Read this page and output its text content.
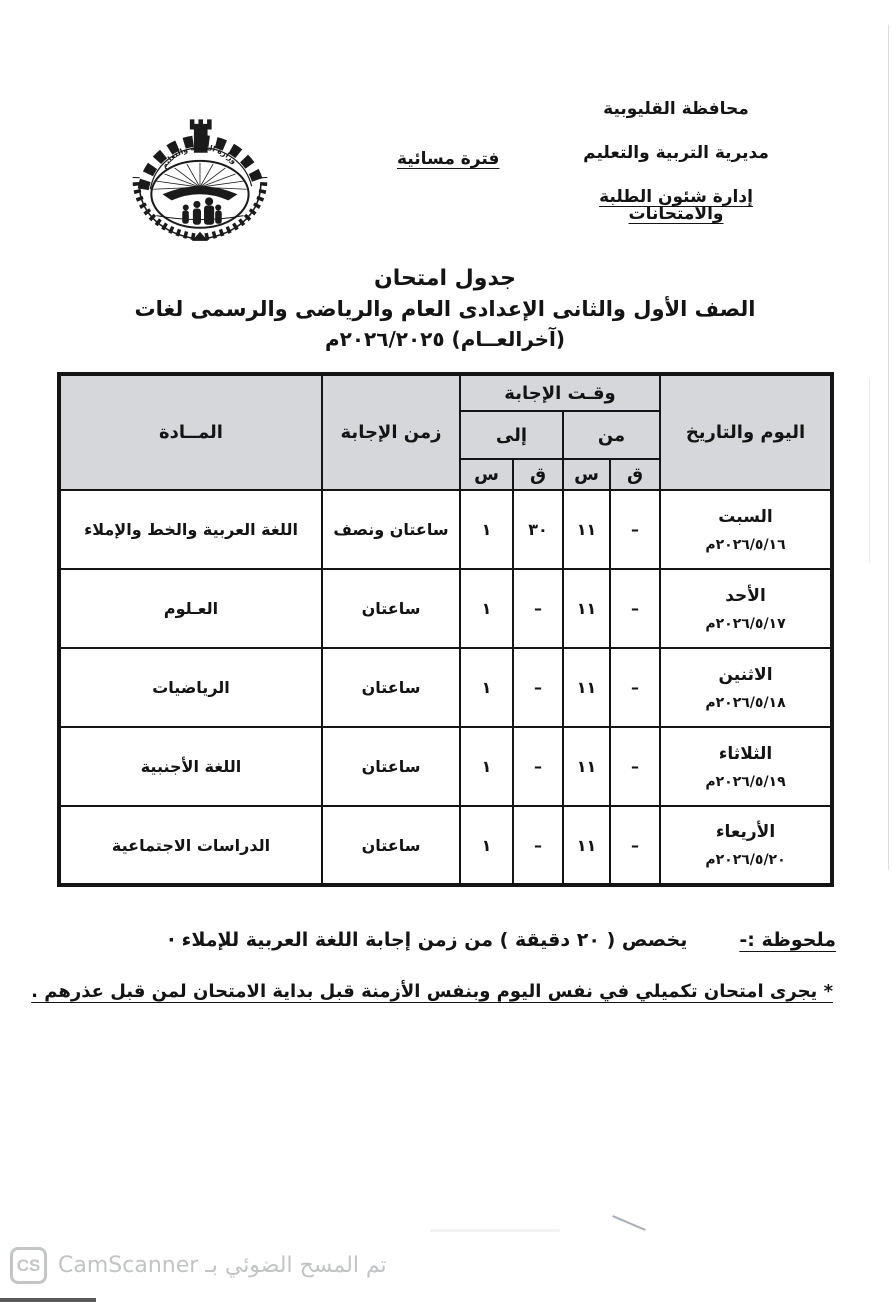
محافظة القليوبية
مديرية التربية والتعليم
إدارة شئون الطلبة والامتحانات
فترة مسائية
وزارة التربية والتعليم
جدول امتحان
الصف الأول والثانى الإعدادى العام والرياضى والرسمى لغات
(آخرالعــام) ٢٠٢٦/٢٠٢٥م
اليوم والتاريخ	وقـت الإجابة				زمن الإجابة	المــادة
	من		إلى			
	ق	س	ق	س		

السبت
٢٠٢٦/٥/١٦م	–	١١	٣٠	١	ساعتان ونصف	اللغة العربية والخط والإملاء

الأحد
٢٠٢٦/٥/١٧م	–	١١	–	١	ساعتان	العـلوم

الاثنين
٢٠٢٦/٥/١٨م	–	١١	–	١	ساعتان	الرياضيات

الثلاثاء
٢٠٢٦/٥/١٩م	–	١١	–	١	ساعتان	اللغة الأجنبية

الأريعاء
٢٠٢٦/٥/٢٠م	–	١١	–	١	ساعتان	الدراسات الاجتماعية
ملحوظة :-يخصص ( ٢٠ دقيقة ) من زمن إجابة اللغة العربية للإملاء ·
* يجرى امتحان تكميلي في نفس اليوم وبنفس الأزمنة قبل بداية الامتحان لمن قبل عذرهم .
CS تم المسح الضوئي بـ CamScanner
